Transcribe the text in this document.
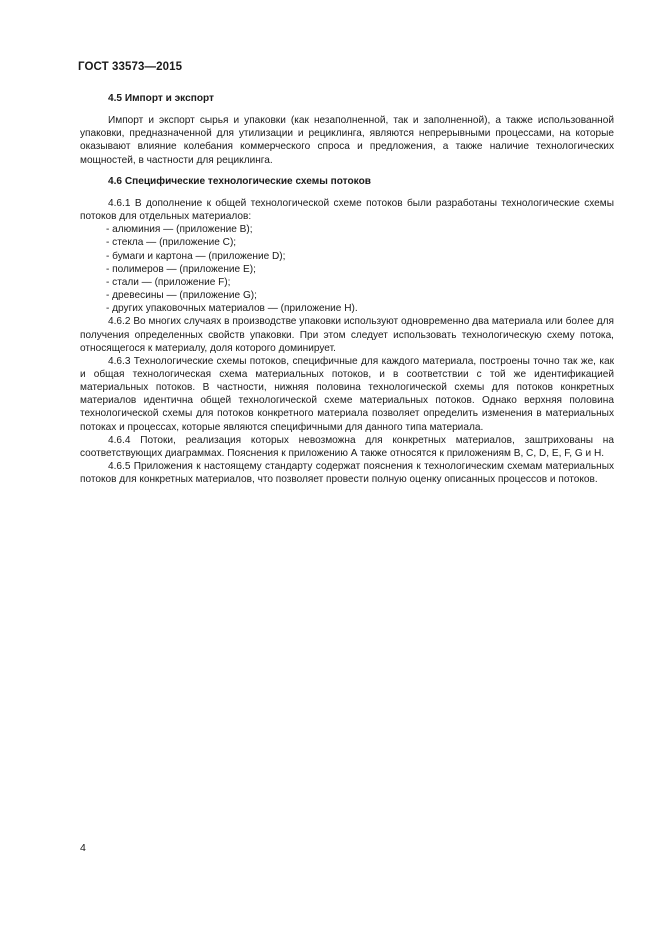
ГОСТ 33573—2015
4.5 Импорт и экспорт

Импорт и экспорт сырья и упаковки (как незаполненной, так и заполненной), а также использованной упаковки, предназначенной для утилизации и рециклинга, являются непрерывными процессами, на которые оказывают влияние колебания коммерческого спроса и предложения, а также наличие технологических мощностей, в частности для рециклинга.

4.6 Специфические технологические схемы потоков

4.6.1 В дополнение к общей технологической схеме потоков были разработаны технологические схемы потоков для отдельных материалов:

- алюминия — (приложение В);
- стекла — (приложение С);
- бумаги и картона — (приложение D);
- полимеров — (приложение Е);
- стали — (приложение F);
- древесины — (приложение G);
- других упаковочных материалов — (приложение Н).

4.6.2 Во многих случаях в производстве упаковки используют одновременно два материала или более для получения определенных свойств упаковки. При этом следует использовать технологическую схему потока, относящегося к материалу, доля которого доминирует.

4.6.3 Технологические схемы потоков, специфичные для каждого материала, построены точно так же, как и общая технологическая схема материальных потоков, и в соответствии с той же идентификацией материальных потоков. В частности, нижняя половина технологической схемы для потоков конкретных материалов идентична общей технологической схеме материальных потоков. Однако верхняя половина технологической схемы для потоков конкретного материала позволяет определить изменения в материальных потоках и процессах, которые являются специфичными для данного типа материала.

4.6.4 Потоки, реализация которых невозможна для конкретных материалов, заштрихованы на соответствующих диаграммах. Пояснения к приложению А также относятся к приложениям В, С, D, Е, F, G и Н.

4.6.5 Приложения к настоящему стандарту содержат пояснения к технологическим схемам материальных потоков для конкретных материалов, что позволяет провести полную оценку описанных процессов и потоков.

4
